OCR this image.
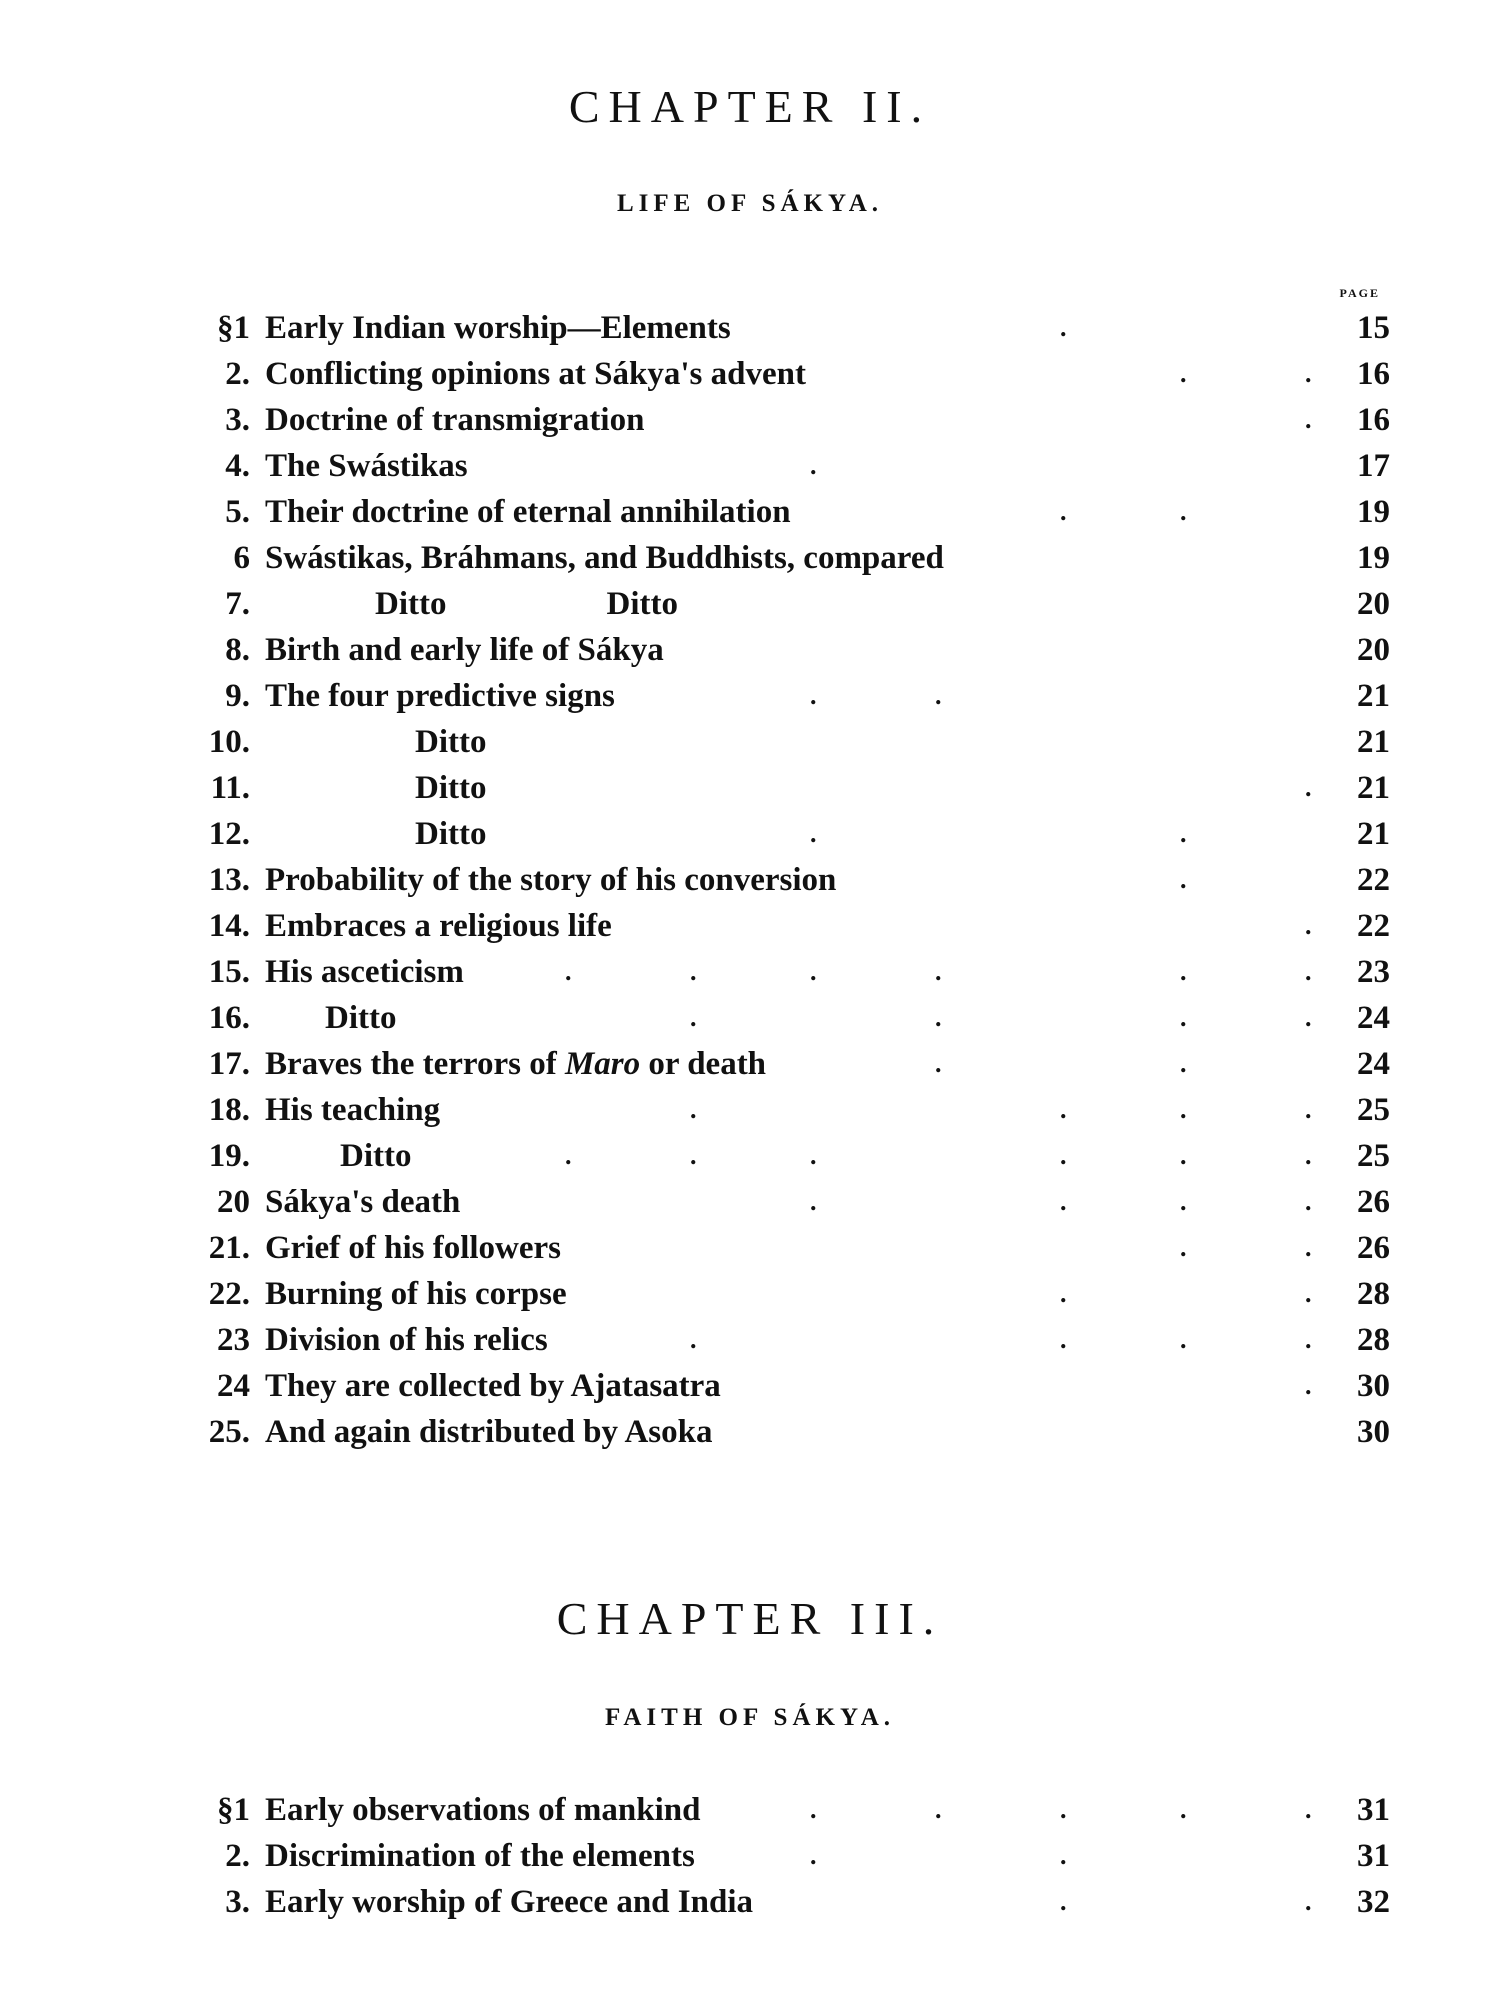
CHAPTER II.
LIFE OF SÁKYA.
PAGE
§1 Early Indian worship—Elements	.	15
2. Conflicting opinions at Sákya's advent	.	.	16
3. Doctrine of transmigration	.	16
4. The Swástikas	.	17
5. Their doctrine of eternal annihilation	.	.	19
6 Swástikas, Bráhmans, and Buddhists, compared	19
7.	Ditto	Ditto	20
8. Birth and early life of Sákya	20
9. The four predictive signs	.	.	21
10.	Ditto	21
11.	Ditto	.	21
12.	Ditto	.	.	21
13. Probability of the story of his conversion	.	22
14. Embraces a religious life	.	22
15. His asceticism	.	.	.	.	.	.	23
16. Ditto	.	.	.	.	24
17. Braves the terrors of Maro or death	.	.	24
18. His teaching	.	.	.	.	25
19.	Ditto	.	.	.	.	.	.	25
20 Sákya's death	.	.	.	.	26
21. Grief of his followers	.	.	26
22. Burning of his corpse	.	.	28
23 Division of his relics	.	.	.	.	28
24 They are collected by Ajatasatra	.	30
25. And again distributed by Asoka	30
CHAPTER III.
FAITH OF SÁKYA.
§1 Early observations of mankind	.	.	.	.	.	31
2. Discrimination of the elements	.	.	31
3. Early worship of Greece and India	.	.	32
